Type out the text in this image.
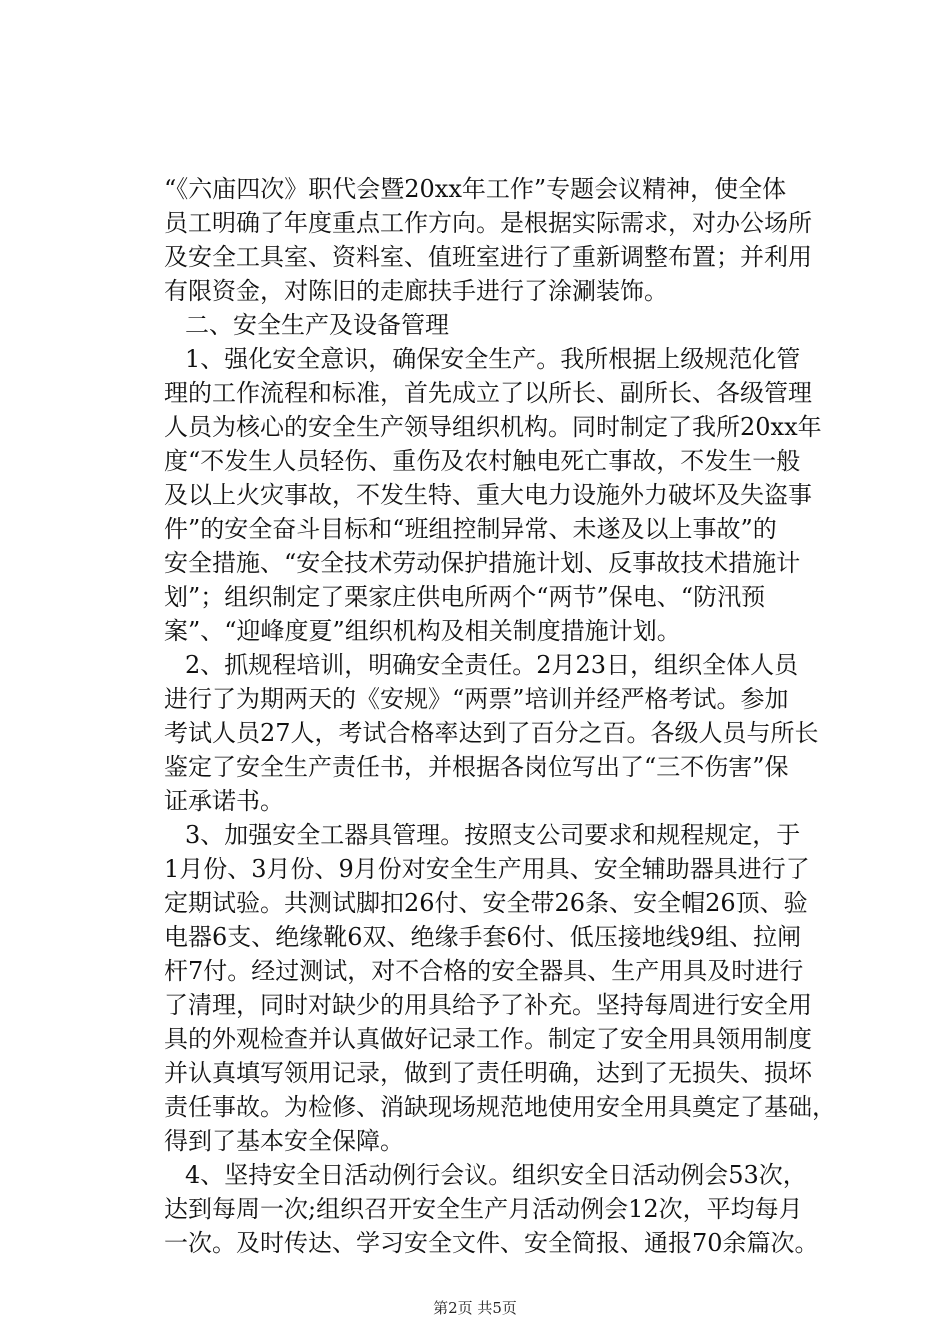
“《六庙四次》职代会暨20xx年工作”专题会议精神，使全体
员工明确了年度重点工作方向。是根据实际需求，对办公场所
及安全工具室、资料室、值班室进行了重新调整布置；并利用
有限资金，对陈旧的走廊扶手进行了涂涮装饰。
二、安全生产及设备管理
1、强化安全意识，确保安全生产。我所根据上级规范化管
理的工作流程和标准，首先成立了以所长、副所长、各级管理
人员为核心的安全生产领导组织机构。同时制定了我所20xx年
度“不发生人员轻伤、重伤及农村触电死亡事故，不发生一般
及以上火灾事故，不发生特、重大电力设施外力破坏及失盗事
件”的安全奋斗目标和“班组控制异常、未遂及以上事故”的
安全措施、“安全技术劳动保护措施计划、反事故技术措施计
划”；组织制定了栗家庄供电所两个“两节”保电、“防汛预
案”、“迎峰度夏”组织机构及相关制度措施计划。
2、抓规程培训，明确安全责任。2月23日，组织全体人员
进行了为期两天的《安规》“两票”培训并经严格考试。参加
考试人员27人，考试合格率达到了百分之百。各级人员与所长
鉴定了安全生产责任书，并根据各岗位写出了“三不伤害”保
证承诺书。
3、加强安全工器具管理。按照支公司要求和规程规定，于
1月份、3月份、9月份对安全生产用具、安全辅助器具进行了
定期试验。共测试脚扣26付、安全带26条、安全帽26顶、验
电器6支、绝缘靴6双、绝缘手套6付、低压接地线9组、拉闸
杆7付。经过测试，对不合格的安全器具、生产用具及时进行
了清理，同时对缺少的用具给予了补充。坚持每周进行安全用
具的外观检查并认真做好记录工作。制定了安全用具领用制度
并认真填写领用记录，做到了责任明确，达到了无损失、损坏
责任事故。为检修、消缺现场规范地使用安全用具奠定了基础，
得到了基本安全保障。
4、坚持安全日活动例行会议。组织安全日活动例会53次，
达到每周一次;组织召开安全生产月活动例会12次，平均每月
一次。及时传达、学习安全文件、安全简报、通报70余篇次。
第2页 共5页
